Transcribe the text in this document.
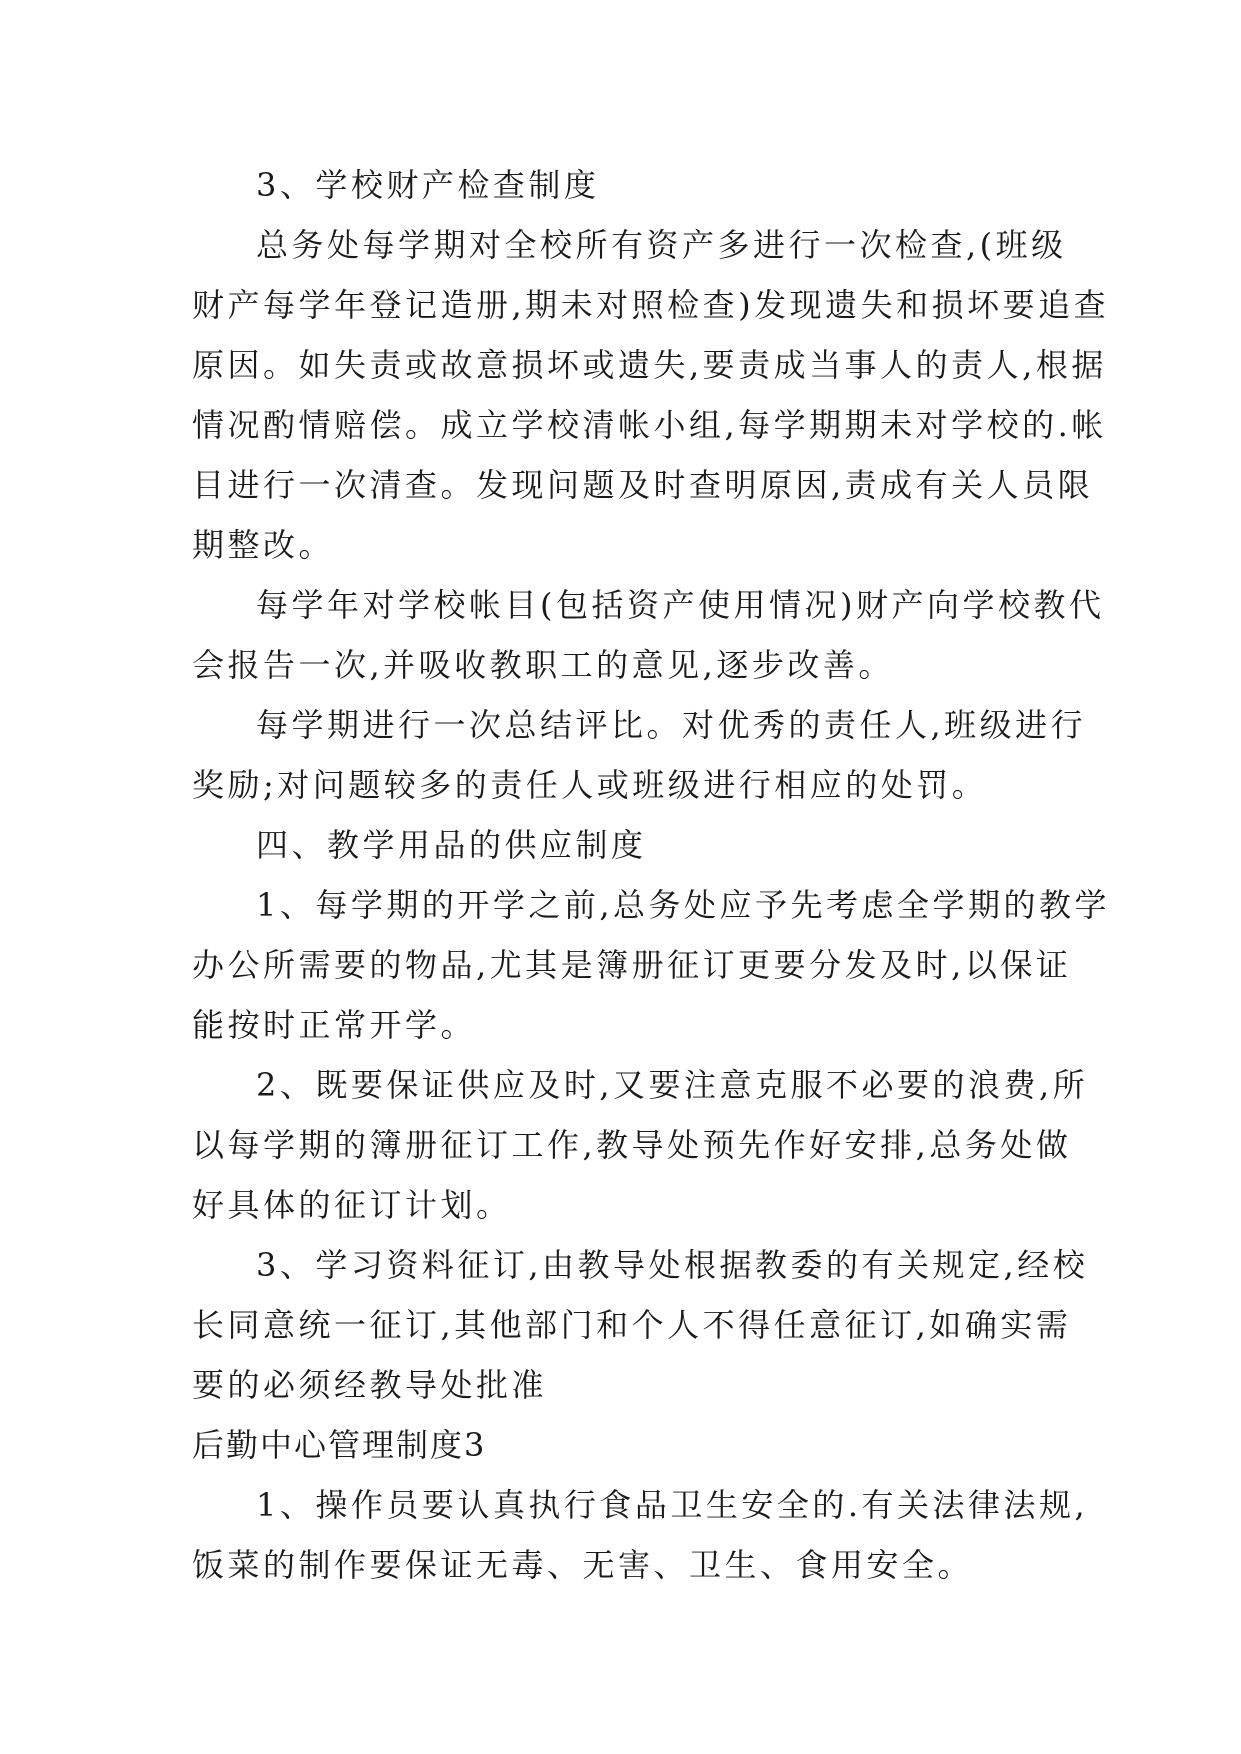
3、学校财产检查制度
总务处每学期对全校所有资产多进行一次检查,(班级
财产每学年登记造册,期未对照检查)发现遗失和损坏要追查
原因。如失责或故意损坏或遗失,要责成当事人的责人,根据
情况酌情赔偿。成立学校清帐小组,每学期期未对学校的.帐
目进行一次清查。发现问题及时查明原因,责成有关人员限
期整改。
每学年对学校帐目(包括资产使用情况)财产向学校教代
会报告一次,并吸收教职工的意见,逐步改善。
每学期进行一次总结评比。对优秀的责任人,班级进行
奖励;对问题较多的责任人或班级进行相应的处罚。
四、教学用品的供应制度
1、每学期的开学之前,总务处应予先考虑全学期的教学
办公所需要的物品,尤其是簿册征订更要分发及时,以保证
能按时正常开学。
2、既要保证供应及时,又要注意克服不必要的浪费,所
以每学期的簿册征订工作,教导处预先作好安排,总务处做
好具体的征订计划。
3、学习资料征订,由教导处根据教委的有关规定,经校
长同意统一征订,其他部门和个人不得任意征订,如确实需
要的必须经教导处批准
后勤中心管理制度3
1、操作员要认真执行食品卫生安全的.有关法律法规,
饭菜的制作要保证无毒、无害、卫生、食用安全。
